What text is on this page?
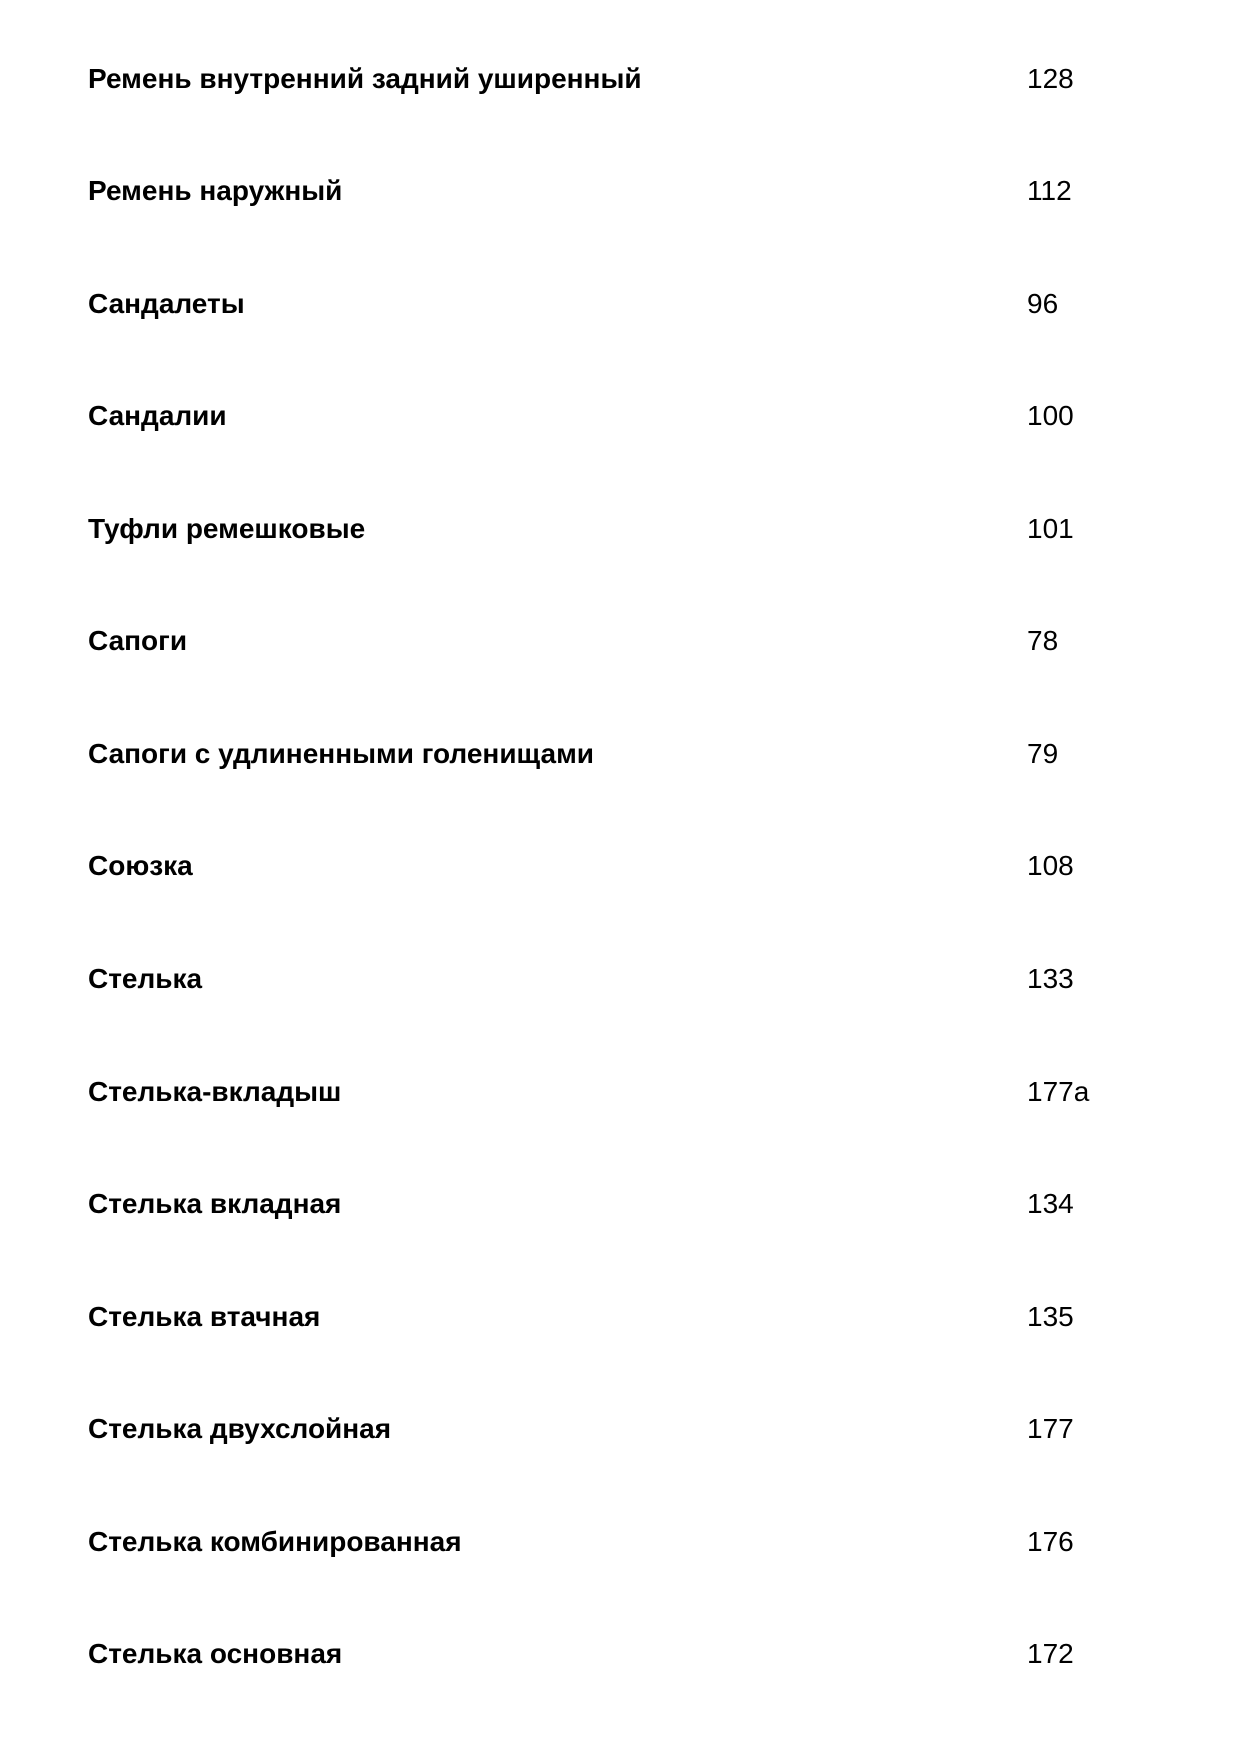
Ремень внутренний задний уширенный	128
Ремень наружный	112
Сандалеты	96
Сандалии	100
Туфли ремешковые	101
Сапоги	78
Сапоги с удлиненными голенищами	79
Союзка	108
Стелька	133
Стелька-вкладыш	177а
Стелька вкладная	134
Стелька втачная	135
Стелька двухслойная	177
Стелька комбинированная	176
Стелька основная	172
